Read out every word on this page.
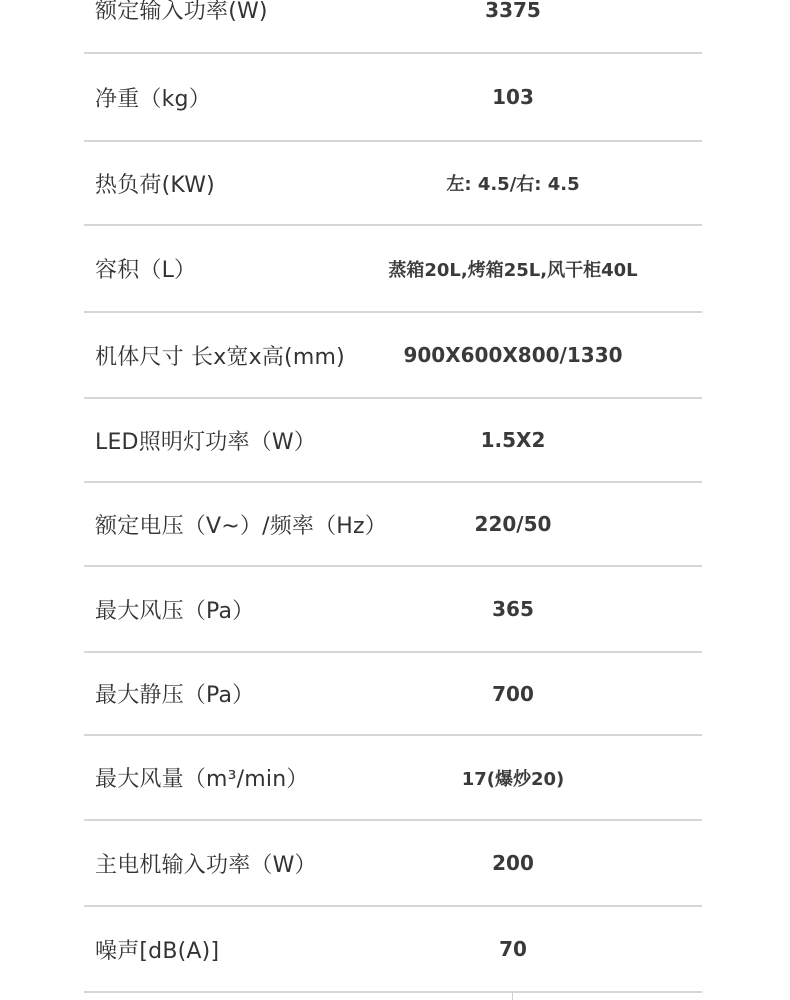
额定输入功率(W)	3375
净重（kg）	103
热负荷(KW)	左: 4.5/右: 4.5
容积（L）	蒸箱20L,烤箱25L,风干柜40L
机体尺寸 长x宽x高(mm)	900X600X800/1330
LED照明灯功率（W）	1.5X2
额定电压（V~）/频率（Hz）	220/50
最大风压（Pa）	365
最大静压（Pa）	700
最大风量（m³/min）	17(爆炒20)
主电机输入功率（W）	200
噪声[dB(A)]	70
